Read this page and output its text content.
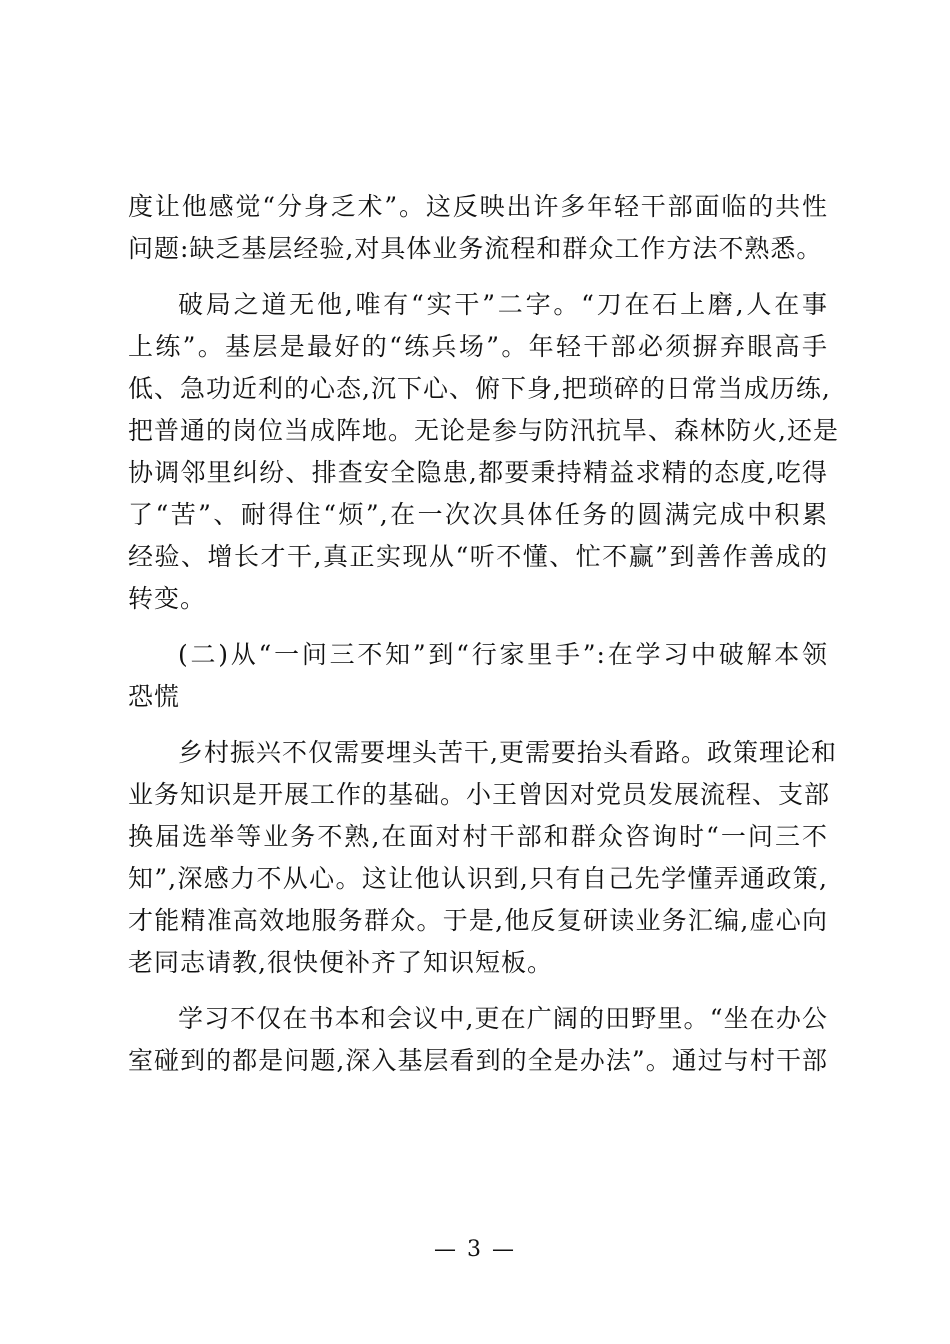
度让他感觉“分身乏术”。这反映出许多年轻干部面临的共性
问题:缺乏基层经验,对具体业务流程和群众工作方法不熟悉。
破局之道无他,唯有“实干”二字。“刀在石上磨,人在事
上练”。基层是最好的“练兵场”。年轻干部必须摒弃眼高手
低、急功近利的心态,沉下心、俯下身,把琐碎的日常当成历练,
把普通的岗位当成阵地。无论是参与防汛抗旱、森林防火,还是
协调邻里纠纷、排查安全隐患,都要秉持精益求精的态度,吃得
了“苦”、耐得住“烦”,在一次次具体任务的圆满完成中积累
经验、增长才干,真正实现从“听不懂、忙不赢”到善作善成的
转变。
(二)从“一问三不知”到“行家里手”:在学习中破解本领
恐慌
乡村振兴不仅需要埋头苦干,更需要抬头看路。政策理论和
业务知识是开展工作的基础。小王曾因对党员发展流程、支部
换届选举等业务不熟,在面对村干部和群众咨询时“一问三不
知”,深感力不从心。这让他认识到,只有自己先学懂弄通政策,
才能精准高效地服务群众。于是,他反复研读业务汇编,虚心向
老同志请教,很快便补齐了知识短板。
学习不仅在书本和会议中,更在广阔的田野里。“坐在办公
室碰到的都是问题,深入基层看到的全是办法”。通过与村干部
— 3 —
